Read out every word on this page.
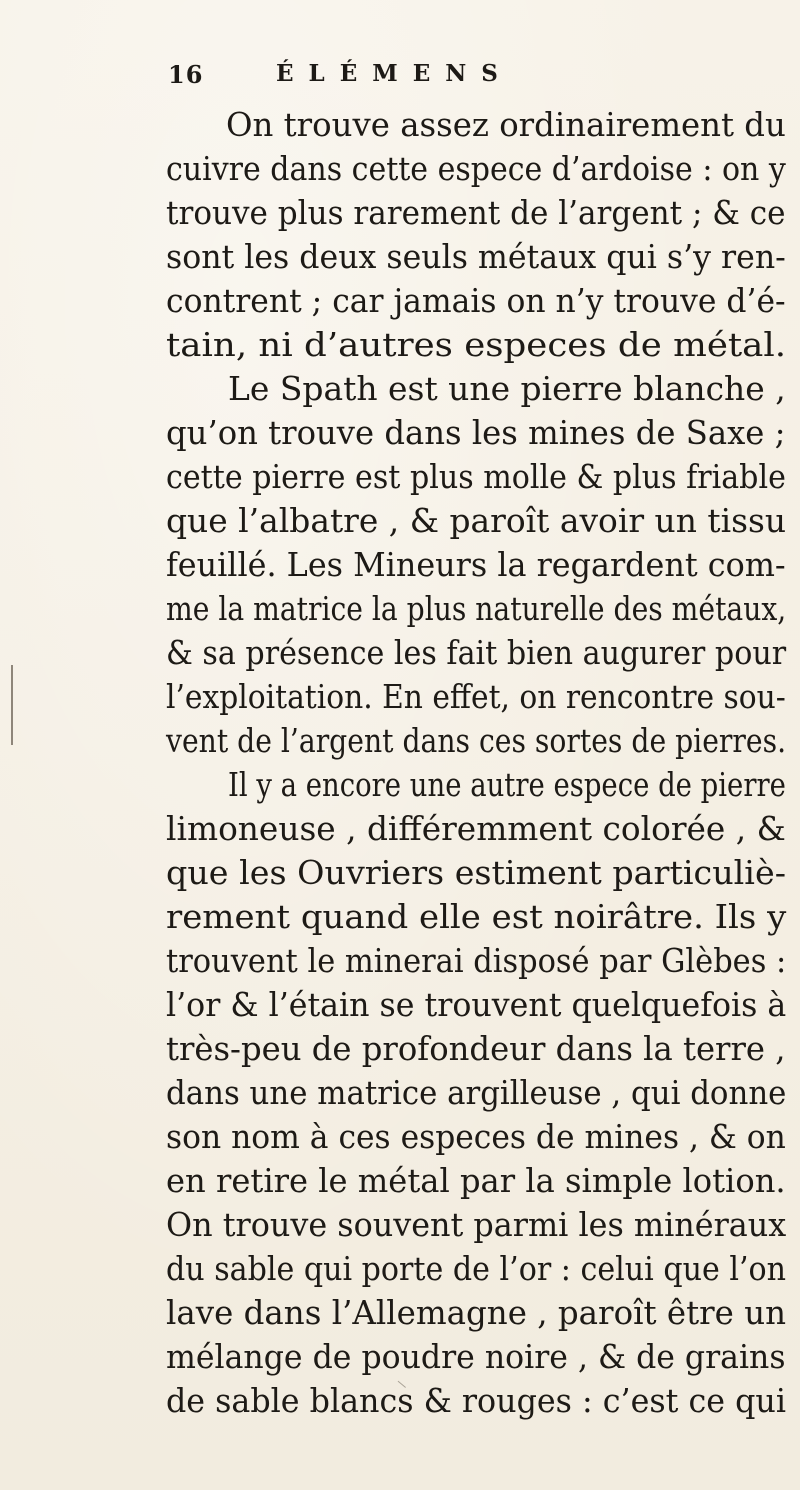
16	ÉLÉMENS
On trouve assez ordinairement du
cuivre dans cette espece d’ardoise : on y
trouve plus rarement de l’argent ; & ce
sont les deux seuls métaux qui s’y ren-
contrent ; car jamais on n’y trouve d’é-
tain, ni d’autres especes de métal.
Le Spath est une pierre blanche ,
qu’on trouve dans les mines de Saxe ;
cette pierre est plus molle & plus friable
que l’albatre , & paroît avoir un tissu
feuillé. Les Mineurs la regardent com-
me la matrice la plus naturelle des métaux,
& sa présence les fait bien augurer pour
l’exploitation. En effet, on rencontre sou-
vent de l’argent dans ces sortes de pierres.
Il y a encore une autre espece de pierre
limoneuse , différemment colorée , &
que les Ouvriers estiment particuliè-
rement quand elle est noirâtre. Ils y
trouvent le minerai disposé par Glèbes :
l’or & l’étain se trouvent quelquefois à
très-peu de profondeur dans la terre ,
dans une matrice argilleuse , qui donne
son nom à ces especes de mines , & on
en retire le métal par la simple lotion.
On trouve souvent parmi les minéraux
du sable qui porte de l’or : celui que l’on
lave dans l’Allemagne , paroît être un
mélange de poudre noire , & de grains
de sable blancs & rouges : c’est ce qui
